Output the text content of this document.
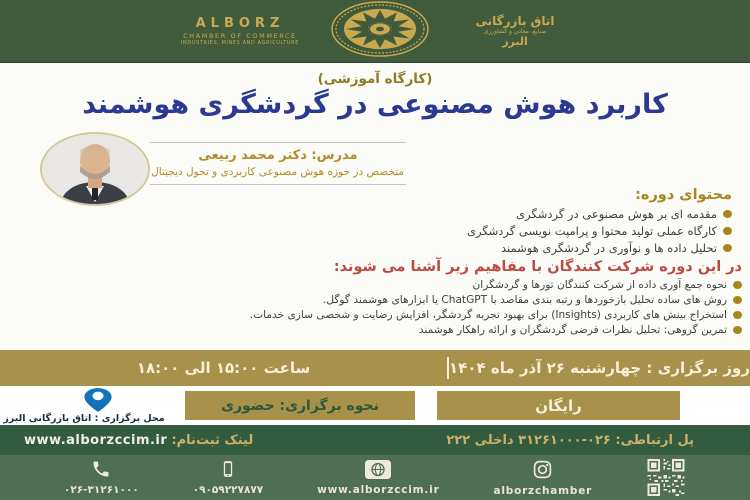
ALBORZ
CHAMBER OF COMMERCE
INDUSTRIES, MINES AND AGRICULTURE
اتاق بازرگانی
صنایع، معادن و کشاورزی
البرز
(کارگاه آموزشی)
کاربرد هوش مصنوعی در گردشگری هوشمند
مدرس: دکتر محمد ربیعی
متخصص در حوزه هوش مصنوعی کاربردی و تحول دیجیتال
محتوای دوره:
مقدمه ای بر هوش مصنوعی در گردشگری
کارگاه عملی تولید محتوا و پرامپت نویسی گردشگری
تحلیل داده ها و نوآوری در گردشگری هوشمند
در این دوره شرکت کنندگان با مفاهیم زیر آشنا می شوند:
نحوه جمع آوری داده از شرکت کنندگان تورها و گردشگران
روش های ساده تحلیل بازخوردها و رتبه بندی مقاصد با ChatGPT یا ابزارهای هوشمند گوگل.
استخراج بینش های کاربردی (Insights) برای بهبود تجربه گردشگر، افزایش رضایت و شخصی سازی خدمات.
تمرین گروهی: تحلیل نظرات فرضی گردشگران و ارائه راهکار هوشمند
روز برگزاری : چهارشنبه ۲۶ آذر ماه ۱۴۰۴
ساعت ۱۵:۰۰ الی ۱۸:۰۰
محل برگزاری : اتاق بازرگانی البرز
نحوه برگزاری: حضوری	رایگان
لینک ثبت‌نام: www.alborzccim.ir	پل ارتباطی: ۰۲۶-۳۱۲۶۱۰۰۰ داخلی ۲۲۲
۰۲۶-۳۱۲۶۱۰۰۰	۰۹۰۵۹۲۲۷۸۷۷	www.alborzccim.ir	alborzchamber
